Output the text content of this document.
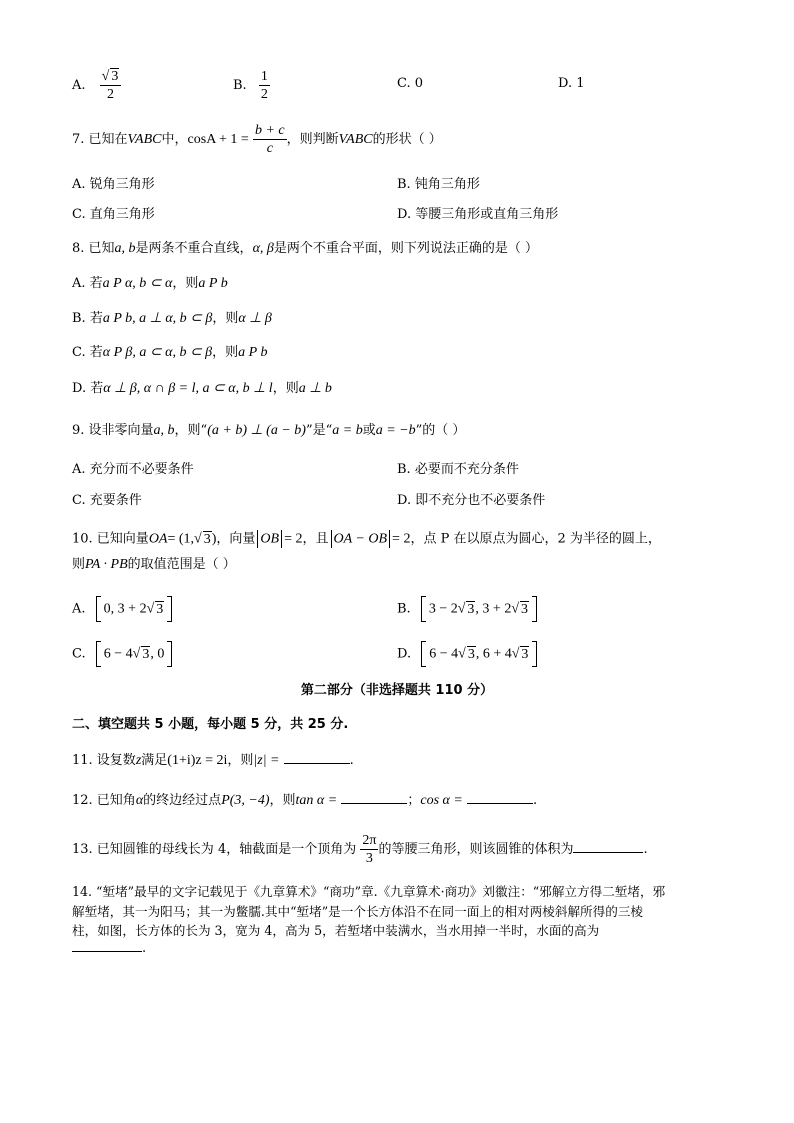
A. $\frac{√ 3}{2}$	B. $\frac{1}{2}$	C. 0	D. 1
7. 已知在VABC中，$\cos A + 1 = \frac{b + c}{c}$ ，则判断VABC的形状（ ）
A. 锐角三角形	B. 钝角三角形
C. 直角三角形	D. 等腰三角形或直角三角形
8. 已知a, b是两条不重合直线，α, β是两个不重合平面，则下列说法正确的是（ ）
A. 若a P α, b ⊂ α，则a P b
B. 若a P b, a ⊥ α, b ⊂ β，则α ⊥ β
C. 若α P β, a ⊂ α, b ⊂ β，则a P b
D. 若α ⊥ β, α ∩ β = l, a ⊂ α, b ⊥ l，则a ⊥ b
9. 设非零向量a, b，则“(a + b) ⊥ (a − b)”是“a = b或a = −b”的（ ）
A. 充分而不必要条件	B. 必要而不充分条件
C. 充要条件	D. 即不充分也不必要条件
10. 已知向量OA= (1,√ 3)，向量 OB = 2，且 OA − OB = 2，点 P 在以原点为圆心，2 为半径的圆上，
则PA · PB的取值范围是（ ）
A. 0, 3 + 2√ 3	B. 3 − 2√ 3, 3 + 2√ 3
C. 6 − 4√ 3, 0	D. 6 − 4√ 3, 6 + 4√ 3
第二部分（非选择题共 110 分）
二、填空题共 5 小题，每小题 5 分，共 25 分.
11. 设复数z满足(1+i)z = 2i，则|z| =	.
12. 已知角α的终边经过点P(3, −4)，则tan α =	；cos α =	.
13. 已知圆锥的母线长为 4，轴截面是一个顶角为 $\frac{2\pi}{3}$ 的等腰三角形，则该圆锥的体积为	.
14. “堑堵”最早的文字记载见于《九章算术》“商功”章.《九章算术·商功》刘徽注：“邪解立方得二堑堵，邪
解堑堵，其一为阳马；其一为鳖臑.其中“堑堵”是一个长方体沿不在同一面上的相对两棱斜解所得的三棱
柱，如图，长方体的长为 3，宽为 4，高为 5，若堑堵中装满水，当水用掉一半时，水面的高为
.
